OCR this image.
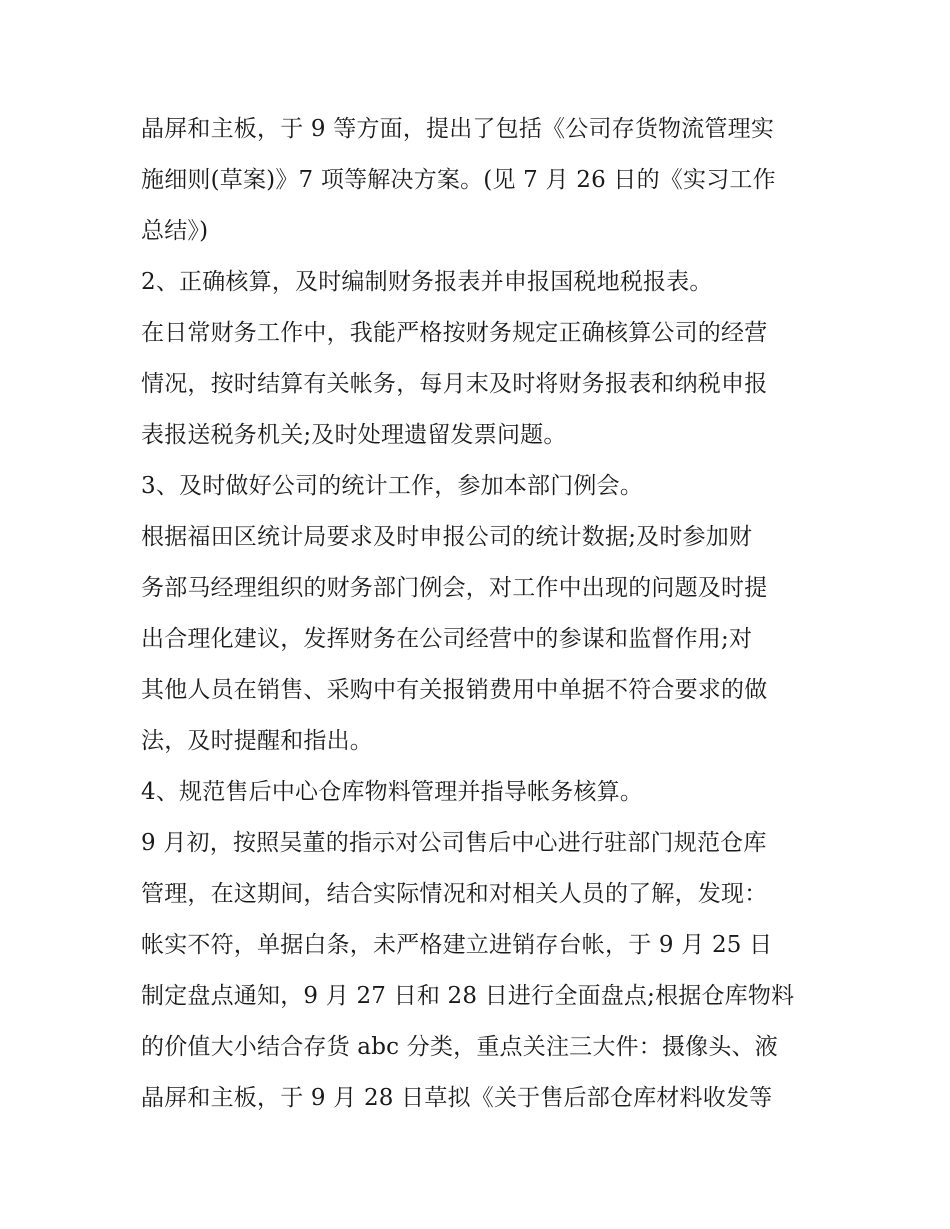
晶屏和主板，于 9 等方面，提出了包括《公司存货物流管理实
施细则(草案)》7 项等解决方案。(见 7 月 26 日的《实习工作
总结》)
2、正确核算，及时编制财务报表并申报国税地税报表。
在日常财务工作中，我能严格按财务规定正确核算公司的经营
情况，按时结算有关帐务，每月末及时将财务报表和纳税申报
表报送税务机关;及时处理遗留发票问题。
3、及时做好公司的统计工作，参加本部门例会。
根据福田区统计局要求及时申报公司的统计数据;及时参加财
务部马经理组织的财务部门例会，对工作中出现的问题及时提
出合理化建议，发挥财务在公司经营中的参谋和监督作用;对
其他人员在销售、采购中有关报销费用中单据不符合要求的做
法，及时提醒和指出。
4、规范售后中心仓库物料管理并指导帐务核算。
9 月初，按照吴董的指示对公司售后中心进行驻部门规范仓库
管理，在这期间，结合实际情况和对相关人员的了解，发现：
帐实不符，单据白条，未严格建立进销存台帐，于 9 月 25 日
制定盘点通知，9 月 27 日和 28 日进行全面盘点;根据仓库物料
的价值大小结合存货 abc 分类，重点关注三大件：摄像头、液
晶屏和主板，于 9 月 28 日草拟《关于售后部仓库材料收发等
